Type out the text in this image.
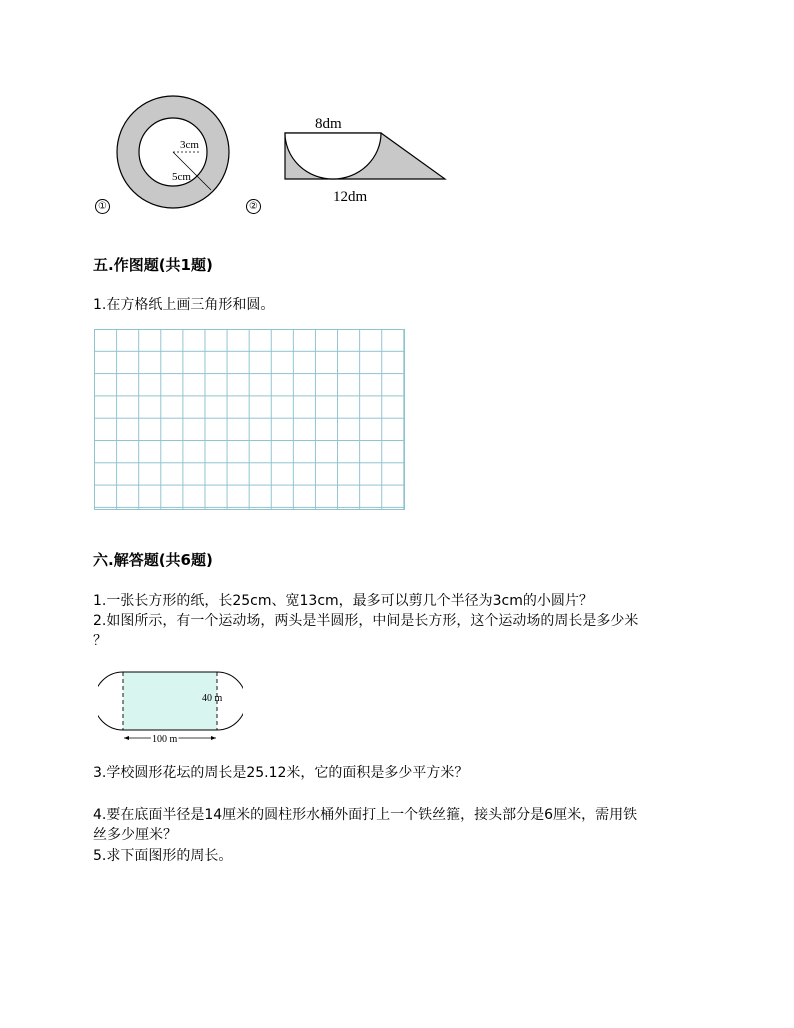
3cm
5cm
①
8dm
12dm
②
五.作图题(共1题)
1.在方格纸上画三角形和圆。
六.解答题(共6题)
1.一张长方形的纸，长25cm、宽13cm，最多可以剪几个半径为3cm的小圆片？
2.如图所示，有一个运动场，两头是半圆形，中间是长方形，这个运动场的周长是多少米
？
40 m
100 m
3.学校圆形花坛的周长是25.12米，它的面积是多少平方米？
4.要在底面半径是14厘米的圆柱形水桶外面打上一个铁丝箍，接头部分是6厘米，需用铁
丝多少厘米？
5.求下面图形的周长。
